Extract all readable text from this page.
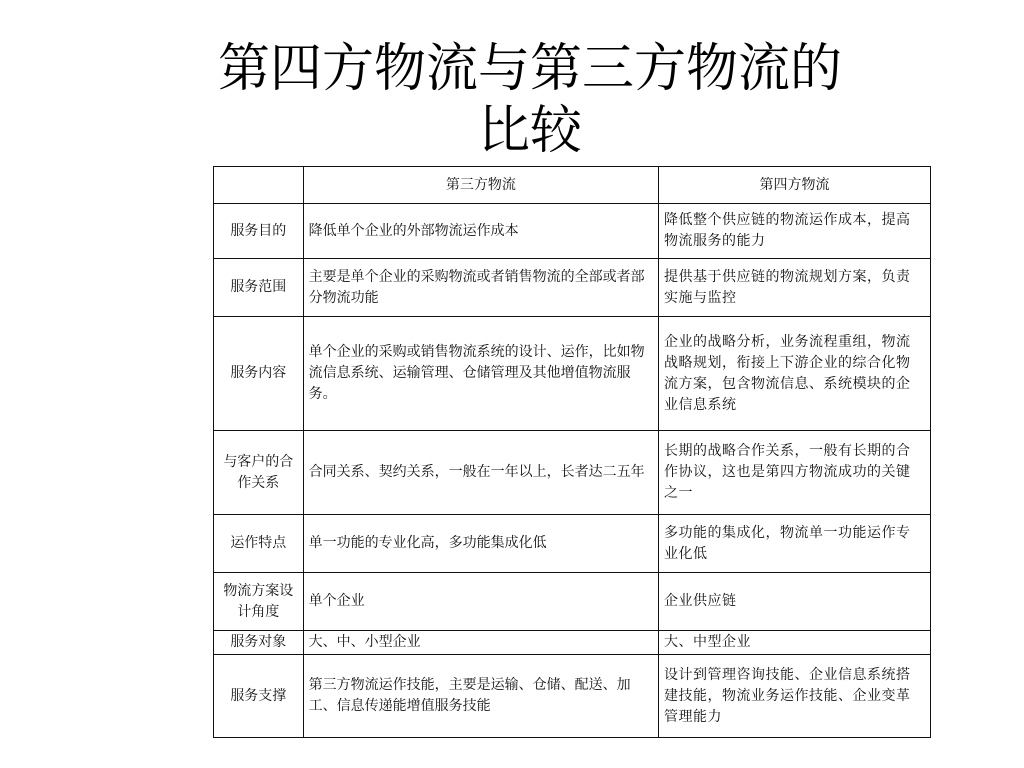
第四方物流与第三方物流的
比较
	第三方物流	第四方物流
服务目的	降低单个企业的外部物流运作成本	降低整个供应链的物流运作成本，提高物流服务的能力
服务范围	主要是单个企业的采购物流或者销售物流的全部或者部分物流功能	提供基于供应链的物流规划方案，负责实施与监控
服务内容	单个企业的采购或销售物流系统的设计、运作，比如物流信息系统、运输管理、仓储管理及其他增值物流服务。	企业的战略分析，业务流程重组，物流战略规划，衔接上下游企业的综合化物流方案，包含物流信息、系统模块的企业信息系统
与客户的合作关系	合同关系、契约关系，一般在一年以上，长者达二五年	长期的战略合作关系，一般有长期的合作协议，这也是第四方物流成功的关键之一
运作特点	单一功能的专业化高，多功能集成化低	多功能的集成化，物流单一功能运作专业化低
物流方案设计角度	单个企业	企业供应链
服务对象	大、中、小型企业	大、中型企业
服务支撑	第三方物流运作技能，主要是运输、仓储、配送、加工、信息传递能增值服务技能	设计到管理咨询技能、企业信息系统搭建技能，物流业务运作技能、企业变革管理能力
